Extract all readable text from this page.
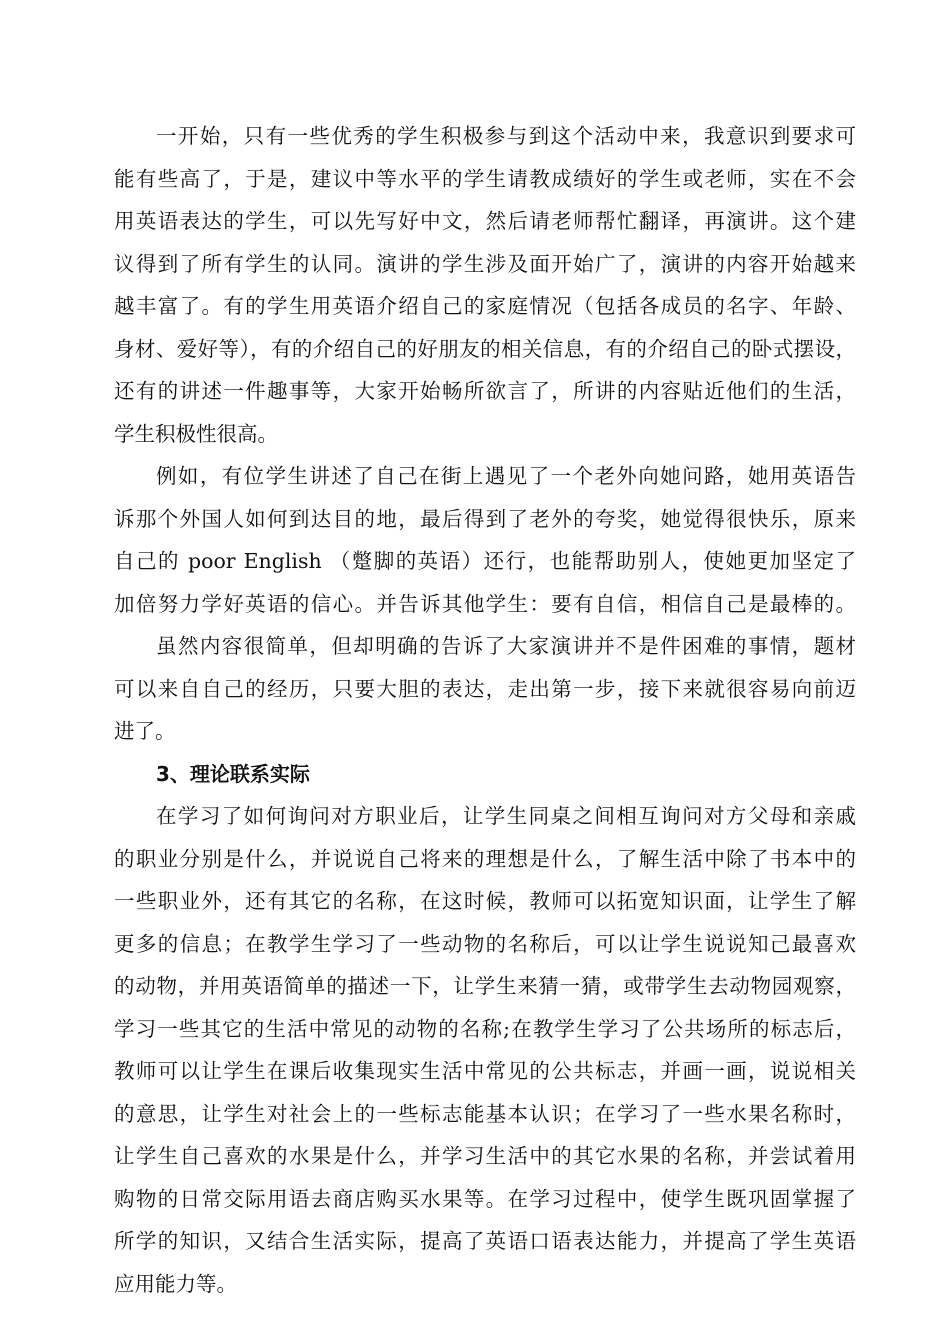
一开始，只有一些优秀的学生积极参与到这个活动中来，我意识到要求可
能有些高了，于是，建议中等水平的学生请教成绩好的学生或老师，实在不会
用英语表达的学生，可以先写好中文，然后请老师帮忙翻译，再演讲。这个建
议得到了所有学生的认同。演讲的学生涉及面开始广了，演讲的内容开始越来
越丰富了。有的学生用英语介绍自己的家庭情况（包括各成员的名字、年龄、
身材、爱好等），有的介绍自己的好朋友的相关信息，有的介绍自己的卧式摆设，
还有的讲述一件趣事等，大家开始畅所欲言了，所讲的内容贴近他们的生活，
学生积极性很高。
例如，有位学生讲述了自己在街上遇见了一个老外向她问路，她用英语告
诉那个外国人如何到达目的地，最后得到了老外的夸奖，她觉得很快乐，原来
自己的 poor English （蹩脚的英语）还行，也能帮助别人，使她更加坚定了
加倍努力学好英语的信心。并告诉其他学生：要有自信，相信自己是最棒的。
虽然内容很简单，但却明确的告诉了大家演讲并不是件困难的事情，题材
可以来自自己的经历，只要大胆的表达，走出第一步，接下来就很容易向前迈
进了。
3、理论联系实际
在学习了如何询问对方职业后，让学生同桌之间相互询问对方父母和亲戚
的职业分别是什么，并说说自己将来的理想是什么，了解生活中除了书本中的
一些职业外，还有其它的名称，在这时候，教师可以拓宽知识面，让学生了解
更多的信息；在教学生学习了一些动物的名称后，可以让学生说说知己最喜欢
的动物，并用英语简单的描述一下，让学生来猜一猜，或带学生去动物园观察，
学习一些其它的生活中常见的动物的名称;在教学生学习了公共场所的标志后，
教师可以让学生在课后收集现实生活中常见的公共标志，并画一画，说说相关
的意思，让学生对社会上的一些标志能基本认识；在学习了一些水果名称时，
让学生自己喜欢的水果是什么，并学习生活中的其它水果的名称，并尝试着用
购物的日常交际用语去商店购买水果等。在学习过程中，使学生既巩固掌握了
所学的知识，又结合生活实际，提高了英语口语表达能力，并提高了学生英语
应用能力等。
